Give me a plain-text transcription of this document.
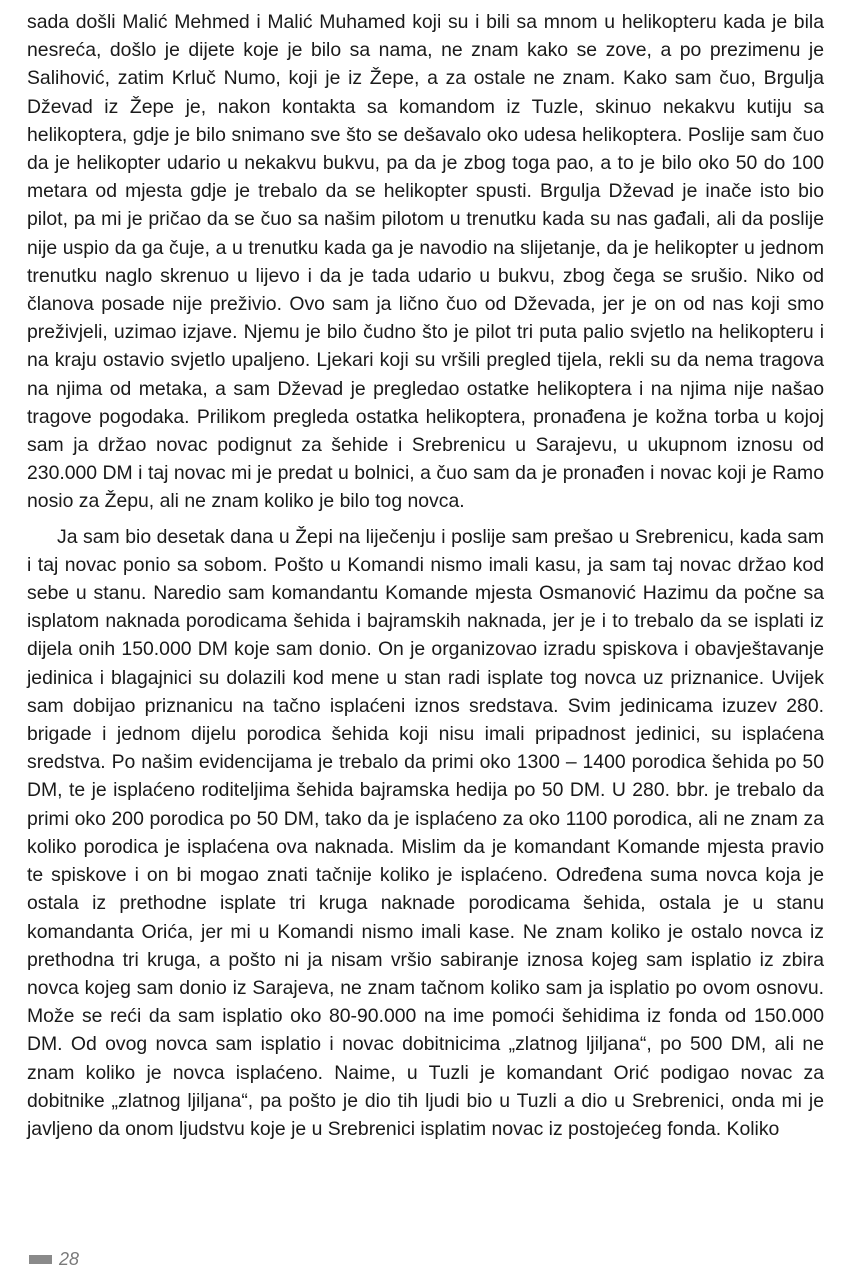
sada došli Malić Mehmed i Malić Muhamed koji su i bili sa mnom u helikopteru kada je bila nesreća, došlo je dijete koje je bilo sa nama, ne znam kako se zove, a po prezimenu je Salihović, zatim Krluč Numo, koji je iz Žepe, a za ostale ne znam. Kako sam čuo, Brgulja Dževad iz Žepe je, nakon kontakta sa komandom iz Tuzle, skinuo nekakvu kutiju sa helikoptera, gdje je bilo snimano sve što se dešavalo oko udesa helikoptera. Poslije sam čuo da je helikopter udario u nekakvu bukvu, pa da je zbog toga pao, a to je bilo oko 50 do 100 metara od mjesta gdje je trebalo da se helikopter spusti. Brgulja Dževad je inače isto bio pilot, pa mi je pričao da se čuo sa našim pilotom u trenutku kada su nas gađali, ali da poslije nije uspio da ga čuje, a u trenutku kada ga je navodio na slijetanje, da je helikopter u jednom trenutku naglo skrenuo u lijevo i da je tada udario u bukvu, zbog čega se srušio. Niko od članova posade nije preživio. Ovo sam ja lično čuo od Dževada, jer je on od nas koji smo preživjeli, uzimao izjave. Njemu je bilo čudno što je pilot tri puta palio svjetlo na helikopteru i na kraju ostavio svjetlo upaljeno. Ljekari koji su vršili pregled tijela, rekli su da nema tragova na njima od metaka, a sam Dževad je pregledao ostatke helikoptera i na njima nije našao tragove pogodaka. Prilikom pregleda ostatka helikoptera, pronađena je kožna torba u kojoj sam ja držao novac podignut za šehide i Srebrenicu u Sarajevu, u ukupnom iznosu od 230.000 DM i taj novac mi je predat u bolnici, a čuo sam da je pronađen i novac koji je Ramo nosio za Žepu, ali ne znam koliko je bilo tog novca.

Ja sam bio desetak dana u Žepi na liječenju i poslije sam prešao u Srebrenicu, kada sam i taj novac ponio sa sobom. Pošto u Komandi nismo imali kasu, ja sam taj novac držao kod sebe u stanu. Naredio sam komandantu Komande mjesta Osmanović Hazimu da počne sa isplatom naknada porodicama šehida i bajramskih naknada, jer je i to trebalo da se isplati iz dijela onih 150.000 DM koje sam donio. On je organizovao izradu spiskova i obavještavanje jedinica i blagajnici su dolazili kod mene u stan radi isplate tog novca uz priznanice. Uvijek sam dobijao priznanicu na tačno isplaćeni iznos sredstava. Svim jedinicama izuzev 280. brigade i jednom dijelu porodica šehida koji nisu imali pripadnost jedinici, su isplaćena sredstva. Po našim evidencijama je trebalo da primi oko 1300 – 1400 porodica šehida po 50 DM, te je isplaćeno roditeljima šehida bajramska hedija po 50 DM. U 280. bbr. je trebalo da primi oko 200 porodica po 50 DM, tako da je isplaćeno za oko 1100 porodica, ali ne znam za koliko porodica je isplaćena ova naknada. Mislim da je komandant Komande mjesta pravio te spiskove i on bi mogao znati tačnije koliko je isplaćeno. Određena suma novca koja je ostala iz prethodne isplate tri kruga naknade porodicama šehida, ostala je u stanu komandanta Orića, jer mi u Komandi nismo imali kase. Ne znam koliko je ostalo novca iz prethodna tri kruga, a pošto ni ja nisam vršio sabiranje iznosa kojeg sam isplatio iz zbira novca kojeg sam donio iz Sarajeva, ne znam tačnom koliko sam ja isplatio po ovom osnovu. Može se reći da sam isplatio oko 80-90.000 na ime pomoći šehidima iz fonda od 150.000 DM. Od ovog novca sam isplatio i novac dobitnicima „zlatnog ljiljana“, po 500 DM, ali ne znam koliko je novca isplaćeno. Naime, u Tuzli je komandant Orić podigao novac za dobitnike „zlatnog ljiljana“, pa pošto je dio tih ljudi bio u Tuzli a dio u Srebrenici, onda mi je javljeno da onom ljudstvu koje je u Srebrenici isplatim novac iz postojećeg fonda. Koliko

28
